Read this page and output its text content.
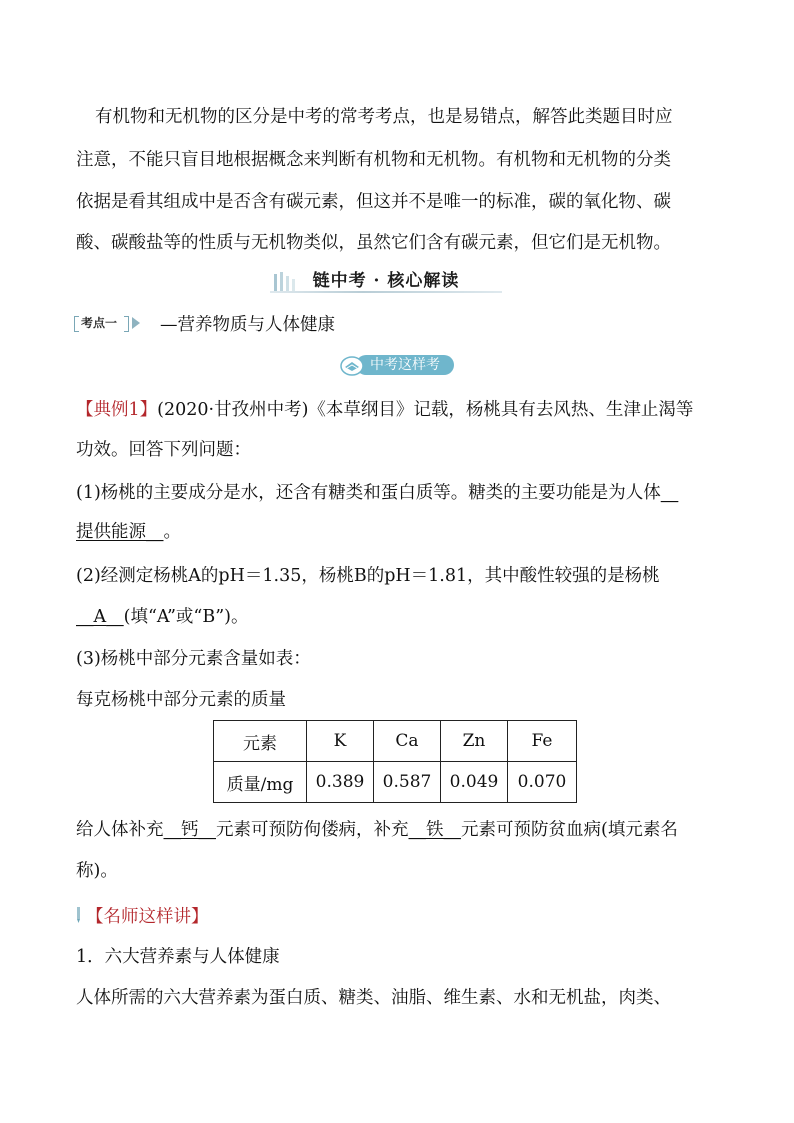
有机物和无机物的区分是中考的常考考点，也是易错点，解答此类题目时应
注意，不能只盲目地根据概念来判断有机物和无机物。有机物和无机物的分类
依据是看其组成中是否含有碳元素，但这并不是唯一的标准，碳的氧化物、碳
酸、碳酸盐等的性质与无机物类似，虽然它们含有碳元素，但它们是无机物。
链中考 · 核心解读
考点一 —营养物质与人体健康
中考这样考
【典例1】(2020·甘孜州中考)《本草纲目》记载，杨桃具有去风热、生津止渴等
功效。回答下列问题：
(1)杨桃的主要成分是水，还含有糖类和蛋白质等。糖类的主要功能是为人体__
提供能源__。
(2)经测定杨桃A的pH＝1.35，杨桃B的pH＝1.81，其中酸性较强的是杨桃
__A__(填“A”或“B”)。
(3)杨桃中部分元素含量如表：
每克杨桃中部分元素的质量
元素	K	Ca	Zn	Fe
质量/mg	0.389	0.587	0.049	0.070
给人体补充__钙__元素可预防佝偻病，补充__铁__元素可预防贫血病(填元素名
称)。
【名师这样讲】
1．六大营养素与人体健康
人体所需的六大营养素为蛋白质、糖类、油脂、维生素、水和无机盐，肉类、
